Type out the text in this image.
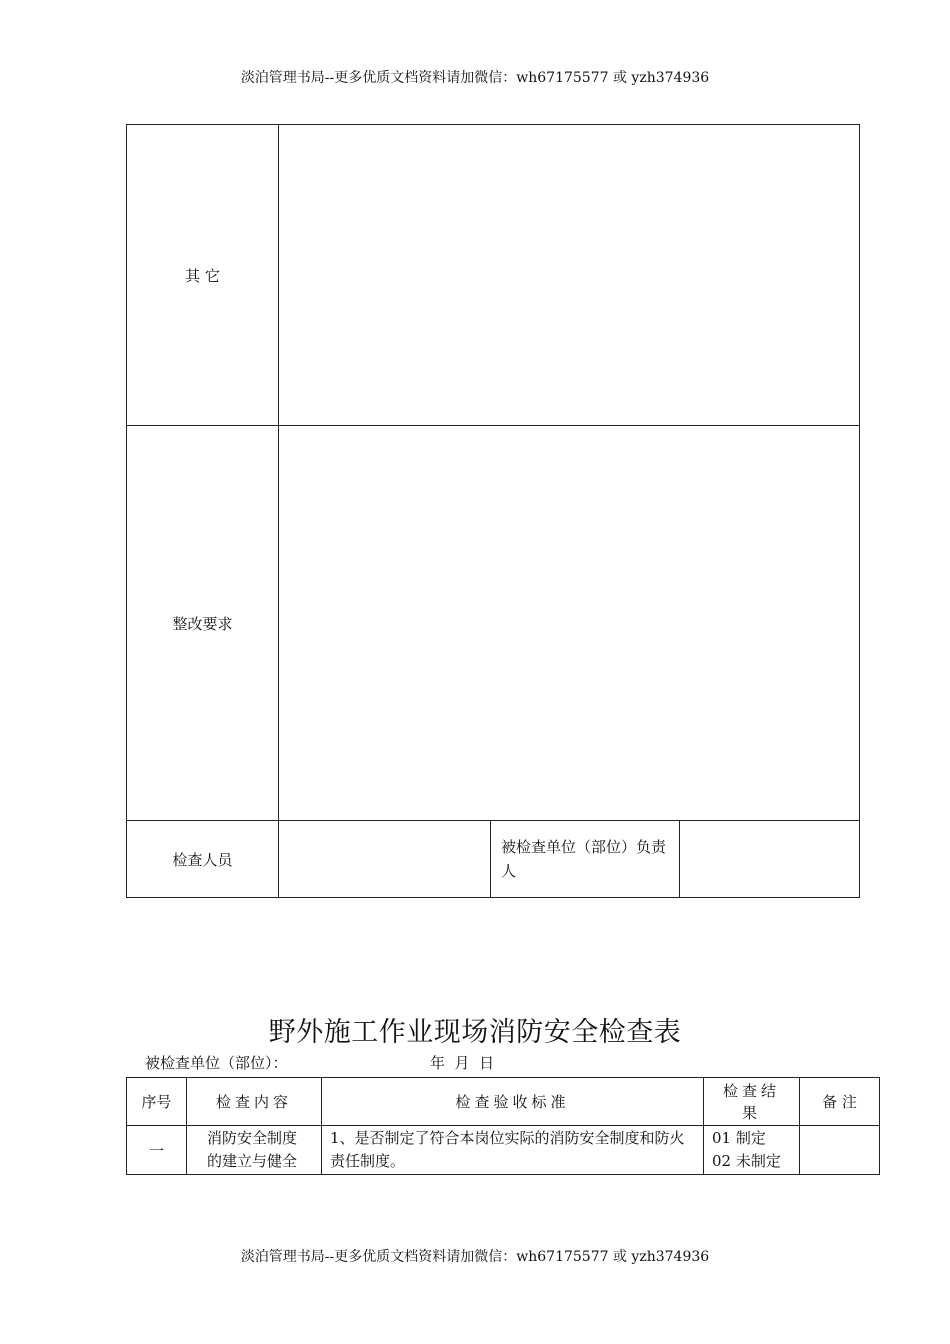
淡泊管理书局--更多优质文档资料请加微信：wh67175577 或 yzh374936
其 它			
整改要求			
检查人员		被检查单位（部位）负责人	
野外施工作业现场消防安全检查表
被检查单位（部位）：	年  月  日
序号	检查内容	检查验收标准	检查结果	备 注
一	消防安全制度的建立与健全	1、是否制定了符合本岗位实际的消防安全制度和防火责任制度。	01 制定
02 未制定	

淡泊管理书局--更多优质文档资料请加微信：wh67175577 或 yzh374936
